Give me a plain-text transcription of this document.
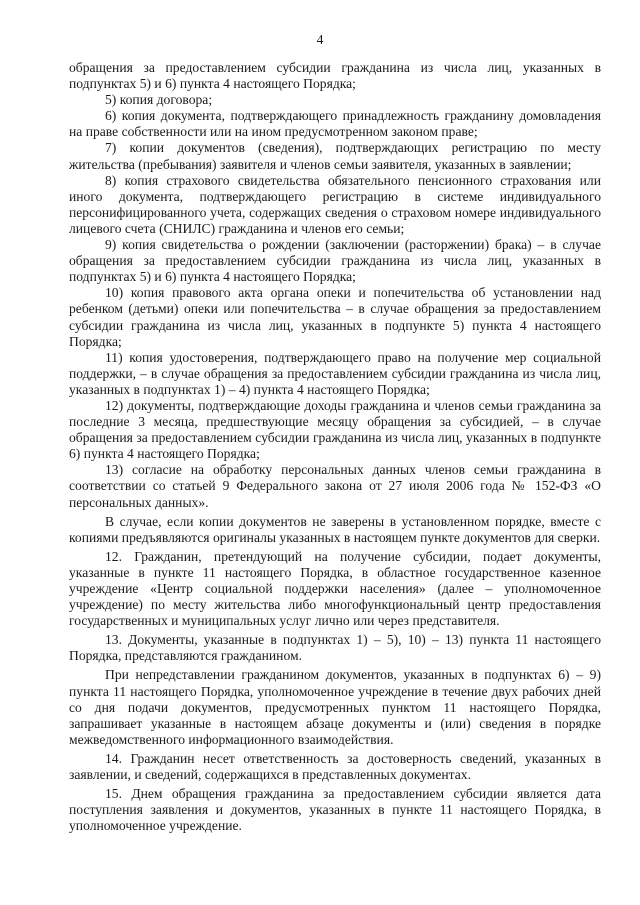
4

обращения за предоставлением субсидии гражданина из числа лиц, указанных в подпунктах 5) и 6) пункта 4 настоящего Порядка;

5) копия договора;

6) копия документа, подтверждающего принадлежность гражданину домовладения на праве собственности или на ином предусмотренном законом праве;

7) копии документов (сведения), подтверждающих регистрацию по месту жительства (пребывания) заявителя и членов семьи заявителя, указанных в заявлении;

8) копия страхового свидетельства обязательного пенсионного страхования или иного документа, подтверждающего регистрацию в системе индивидуального персонифицированного учета, содержащих сведения о страховом номере индивидуального лицевого счета (СНИЛС) гражданина и членов его семьи;

9) копия свидетельства о рождении (заключении (расторжении) брака) – в случае обращения за предоставлением субсидии гражданина из числа лиц, указанных в подпунктах 5) и 6) пункта 4 настоящего Порядка;

10) копия правового акта органа опеки и попечительства об установлении над ребенком (детьми) опеки или попечительства – в случае обращения за предоставлением субсидии гражданина из числа лиц, указанных в подпункте 5) пункта 4 настоящего Порядка;

11) копия удостоверения, подтверждающего право на получение мер социальной поддержки, – в случае обращения за предоставлением субсидии гражданина из числа лиц, указанных в подпунктах 1) – 4) пункта 4 настоящего Порядка;

12) документы, подтверждающие доходы гражданина и членов семьи гражданина за последние 3 месяца, предшествующие месяцу обращения за субсидией, – в случае обращения за предоставлением субсидии гражданина из числа лиц, указанных в подпункте 6) пункта 4 настоящего Порядка;

13) согласие на обработку персональных данных членов семьи гражданина в соответствии со статьей 9 Федерального закона от 27 июля 2006 года № 152-ФЗ «О персональных данных».

В случае, если копии документов не заверены в установленном порядке, вместе с копиями предъявляются оригиналы указанных в настоящем пункте документов для сверки.

12. Гражданин, претендующий на получение субсидии, подает документы, указанные в пункте 11 настоящего Порядка, в областное государственное казенное учреждение «Центр социальной поддержки населения» (далее – уполномоченное учреждение) по месту жительства либо многофункциональный центр предоставления государственных и муниципальных услуг лично или через представителя.

13. Документы, указанные в подпунктах 1) – 5), 10) – 13) пункта 11 настоящего Порядка, представляются гражданином.

При непредставлении гражданином документов, указанных в подпунктах 6) – 9) пункта 11 настоящего Порядка, уполномоченное учреждение в течение двух рабочих дней со дня подачи документов, предусмотренных пунктом 11 настоящего Порядка, запрашивает указанные в настоящем абзаце документы и (или) сведения в порядке межведомственного информационного взаимодействия.

14. Гражданин несет ответственность за достоверность сведений, указанных в заявлении, и сведений, содержащихся в представленных документах.

15. Днем обращения гражданина за предоставлением субсидии является дата поступления заявления и документов, указанных в пункте 11 настоящего Порядка, в уполномоченное учреждение.
